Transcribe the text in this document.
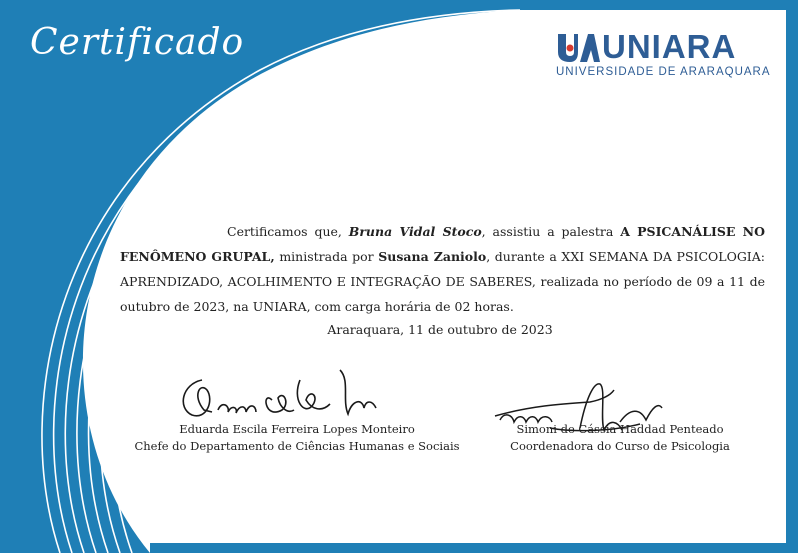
Certificado	UNIARA
UNIVERSIDADE DE ARARAQUARA
Certificamos que, Bruna Vidal Stoco, assistiu a palestra A PSICANÁLISE NO FENÔMENO GRUPAL, ministrada por Susana Zaniolo, durante a XXI SEMANA DA PSICOLOGIA: APRENDIZADO, ACOLHIMENTO E INTEGRAÇÃO DE SABERES, realizada no período de 09 a 11 de outubro de 2023, na UNIARA, com carga horária de 02 horas.
Araraquara, 11 de outubro de 2023
Eduarda Escila Ferreira Lopes Monteiro
Chefe do Departamento de Ciências Humanas e Sociais
Simoni de Cássia Haddad Penteado
Coordenadora do Curso de Psicologia
